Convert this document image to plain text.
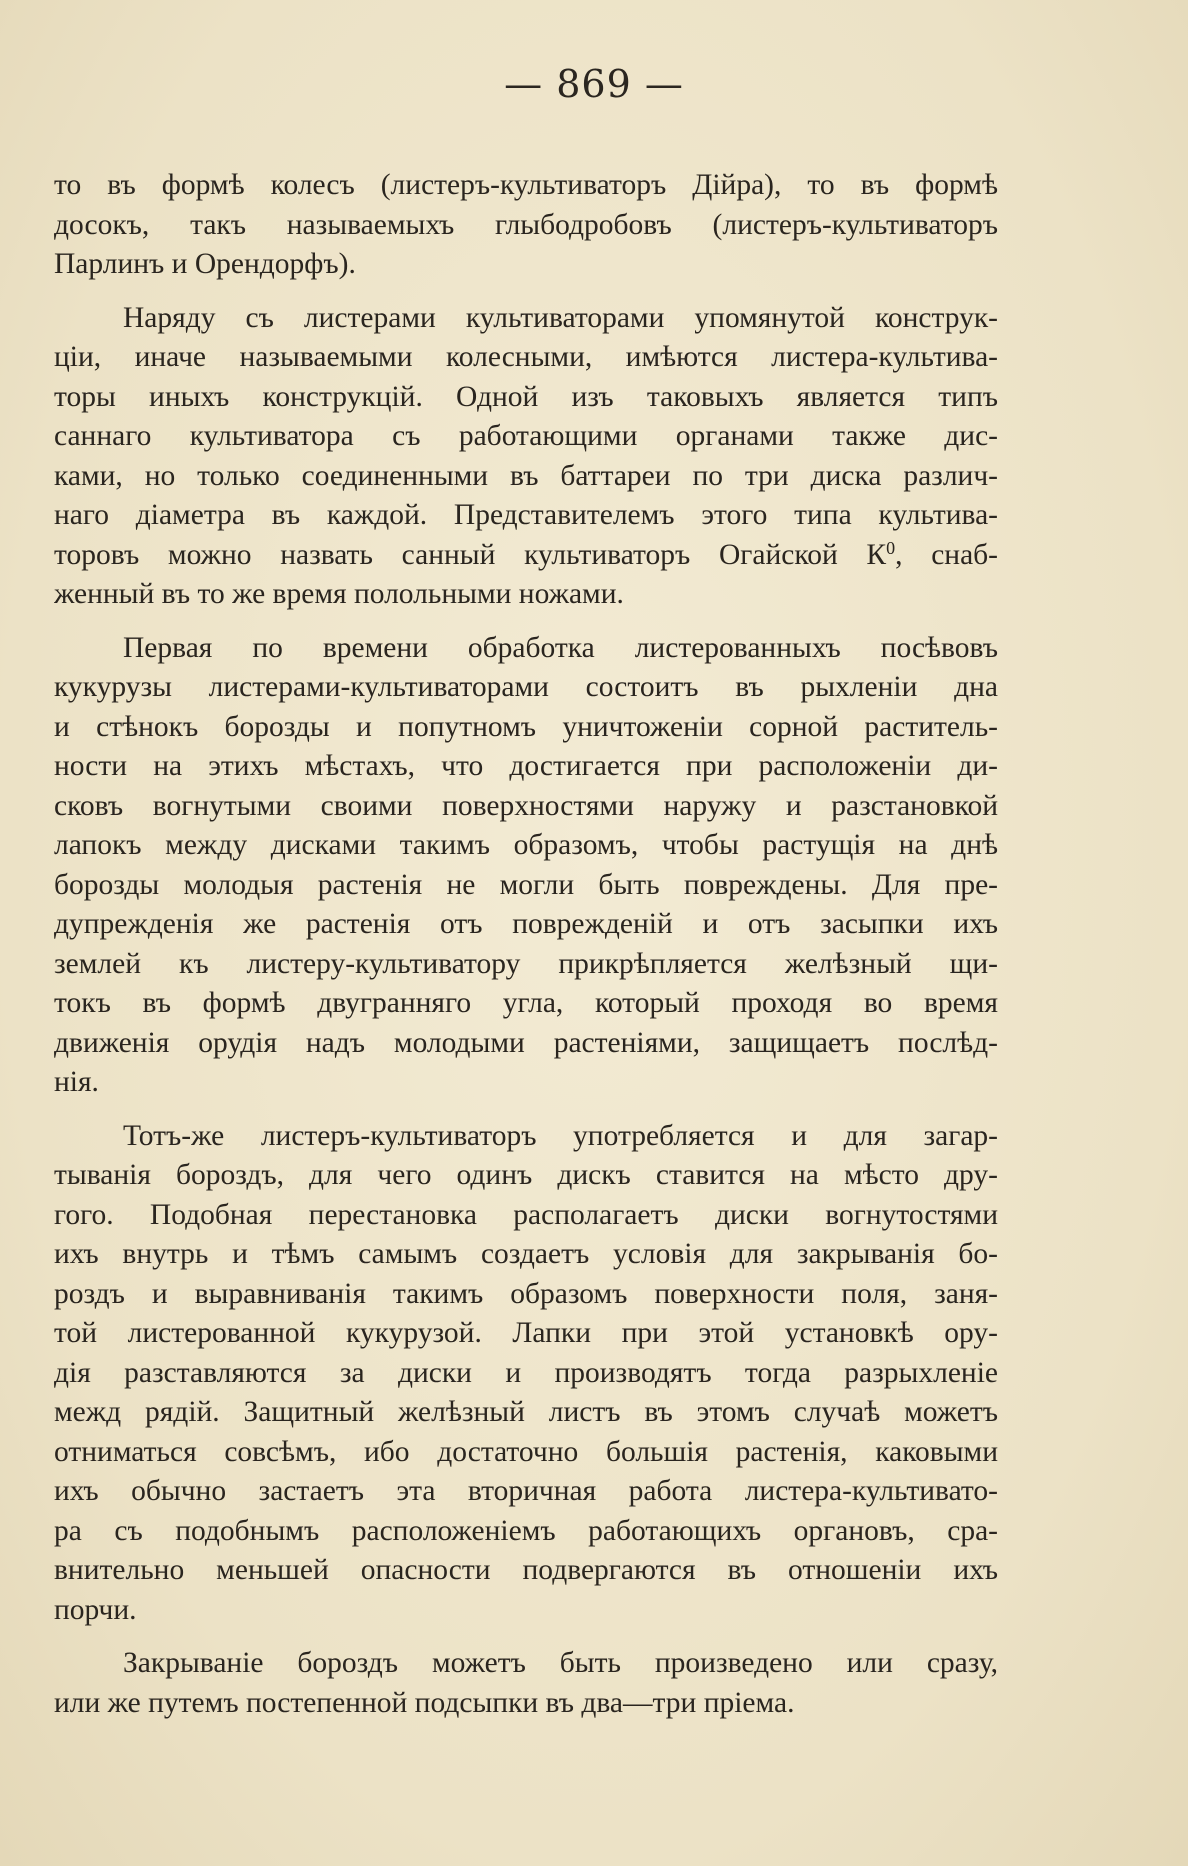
— 869 —
то въ формѣ колесъ (листеръ-культиваторъ Дійра), то въ формѣ
досокъ, такъ называемыхъ глыбодробовъ (листеръ-культиваторъ
Парлинъ и Орендорфъ).
Наряду съ листерами культиваторами упомянутой конструк-
ціи, иначе называемыми колесными, имѣются листера-культива-
торы иныхъ конструкцій. Одной изъ таковыхъ является типъ
саннаго культиватора съ работающими органами также дис-
ками, но только соединенными въ баттареи по три диска различ-
наго діаметра въ каждой. Представителемъ этого типа культива-
торовъ можно назвать санный культиваторъ Огайской $К^0$, снаб-
женный въ то же время полольными ножами.
Первая по времени обработка листерованныхъ посѣвовъ
кукурузы листерами-культиваторами состоитъ въ рыхленіи дна
и стѣнокъ борозды и попутномъ уничтоженіи сорной раститель-
ности на этихъ мѣстахъ, что достигается при расположеніи ди-
сковъ вогнутыми своими поверхностями наружу и разстановкой
лапокъ между дисками такимъ образомъ, чтобы растущія на днѣ
борозды молодыя растенія не могли быть повреждены. Для пре-
дупрежденія же растенія отъ поврежденій и отъ засыпки ихъ
землей къ листеру-культиватору прикрѣпляется желѣзный щи-
токъ въ формѣ двугранняго угла, который проходя во время
движенія орудія надъ молодыми растеніями, защищаетъ послѣд-
нія.
Тотъ-же листеръ-культиваторъ употребляется и для загар-
тыванія бороздъ, для чего одинъ дискъ ставится на мѣсто дру-
гого. Подобная перестановка располагаетъ диски вогнутостями
ихъ внутрь и тѣмъ самымъ создаетъ условія для закрыванія бо-
роздъ и выравниванія такимъ образомъ поверхности поля, заня-
той листерованной кукурузой. Лапки при этой установкѣ ору-
дія разставляются за диски и производятъ тогда разрыхленіе
межд рядій. Защитный желѣзный листъ въ этомъ случаѣ можетъ
отниматься совсѣмъ, ибо достаточно большія растенія, каковыми
ихъ обычно застаетъ эта вторичная работа листера-культивато-
ра съ подобнымъ расположеніемъ работающихъ органовъ, сра-
внительно меньшей опасности подвергаются въ отношеніи ихъ
порчи.
Закрываніе бороздъ можетъ быть произведено или сразу,
или же путемъ постепенной подсыпки въ два—три пріема.
